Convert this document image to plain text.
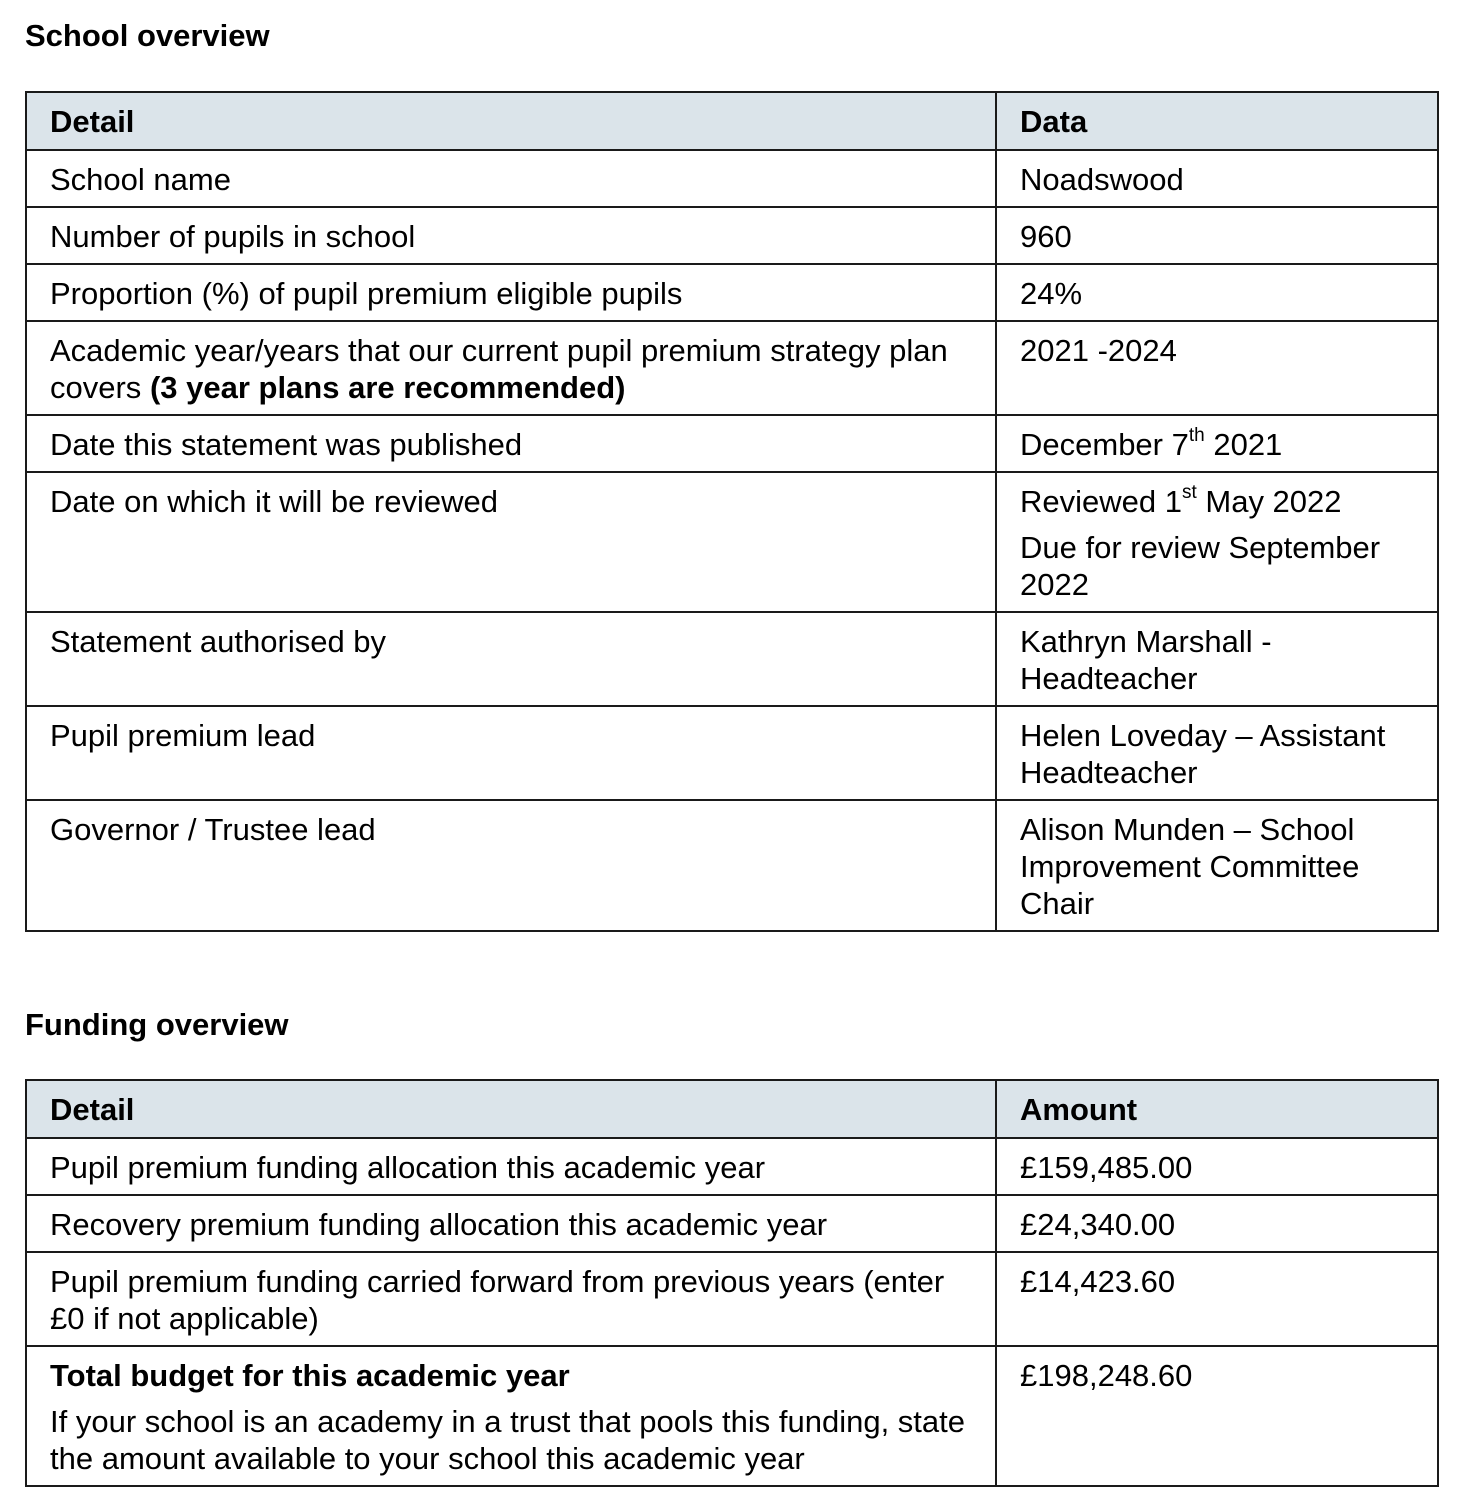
School overview
Detail	Data
School name	Noadswood
Number of pupils in school	960
Proportion (%) of pupil premium eligible pupils	24%
Academic year/years that our current pupil premium strategy plan covers (3 year plans are recommended)	2021 -2024
Date this statement was published	December 7th 2021
Date on which it will be reviewed	Reviewed 1st May 2022
Due for review September 2022

Statement authorised by	Kathryn Marshall - Headteacher
Pupil premium lead	Helen Loveday – Assistant Headteacher
Governor / Trustee lead	Alison Munden – School Improvement Committee Chair
Funding overview
Detail	Amount
Pupil premium funding allocation this academic year	£159,485.00
Recovery premium funding allocation this academic year	£24,340.00
Pupil premium funding carried forward from previous years (enter £0 if not applicable)	£14,423.60

Total budget for this academic year
If your school is an academy in a trust that pools this funding, state the amount available to your school this academic year	£198,248.60
